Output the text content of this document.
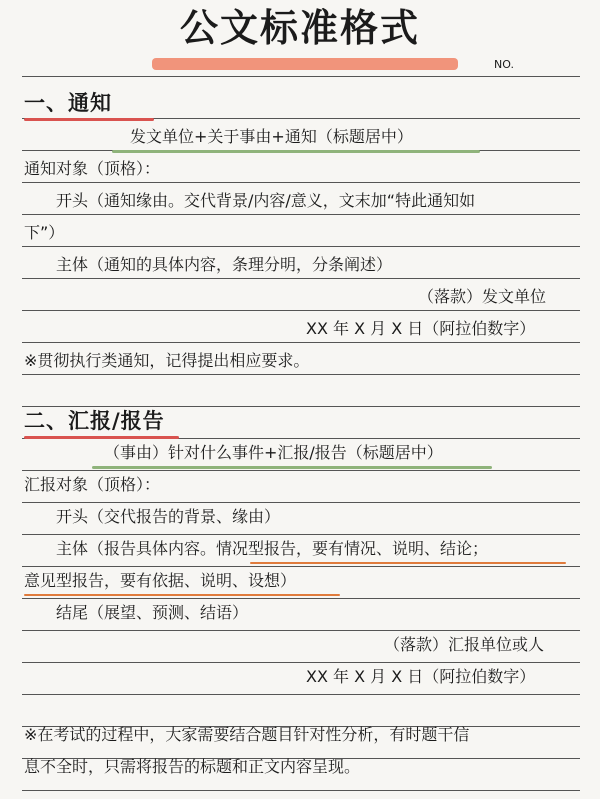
公文标准格式
NO.
一、通知
发文单位+关于事由+通知（标题居中）
通知对象（顶格）：
开头（通知缘由。交代背景/内容/意义，文末加“特此通知如
下”）
主体（通知的具体内容，条理分明，分条阐述）
（落款）发文单位
XX 年 X 月 X 日（阿拉伯数字）
※贯彻执行类通知，记得提出相应要求。
二、汇报/报告
（事由）针对什么事件+汇报/报告（标题居中）
汇报对象（顶格）：
开头（交代报告的背景、缘由）
主体（报告具体内容。情况型报告，要有情况、说明、结论；
意见型报告，要有依据、说明、设想）
结尾（展望、预测、结语）
（落款）汇报单位或人
XX 年 X 月 X 日（阿拉伯数字）
※在考试的过程中，大家需要结合题目针对性分析，有时题干信
息不全时，只需将报告的标题和正文内容呈现。
